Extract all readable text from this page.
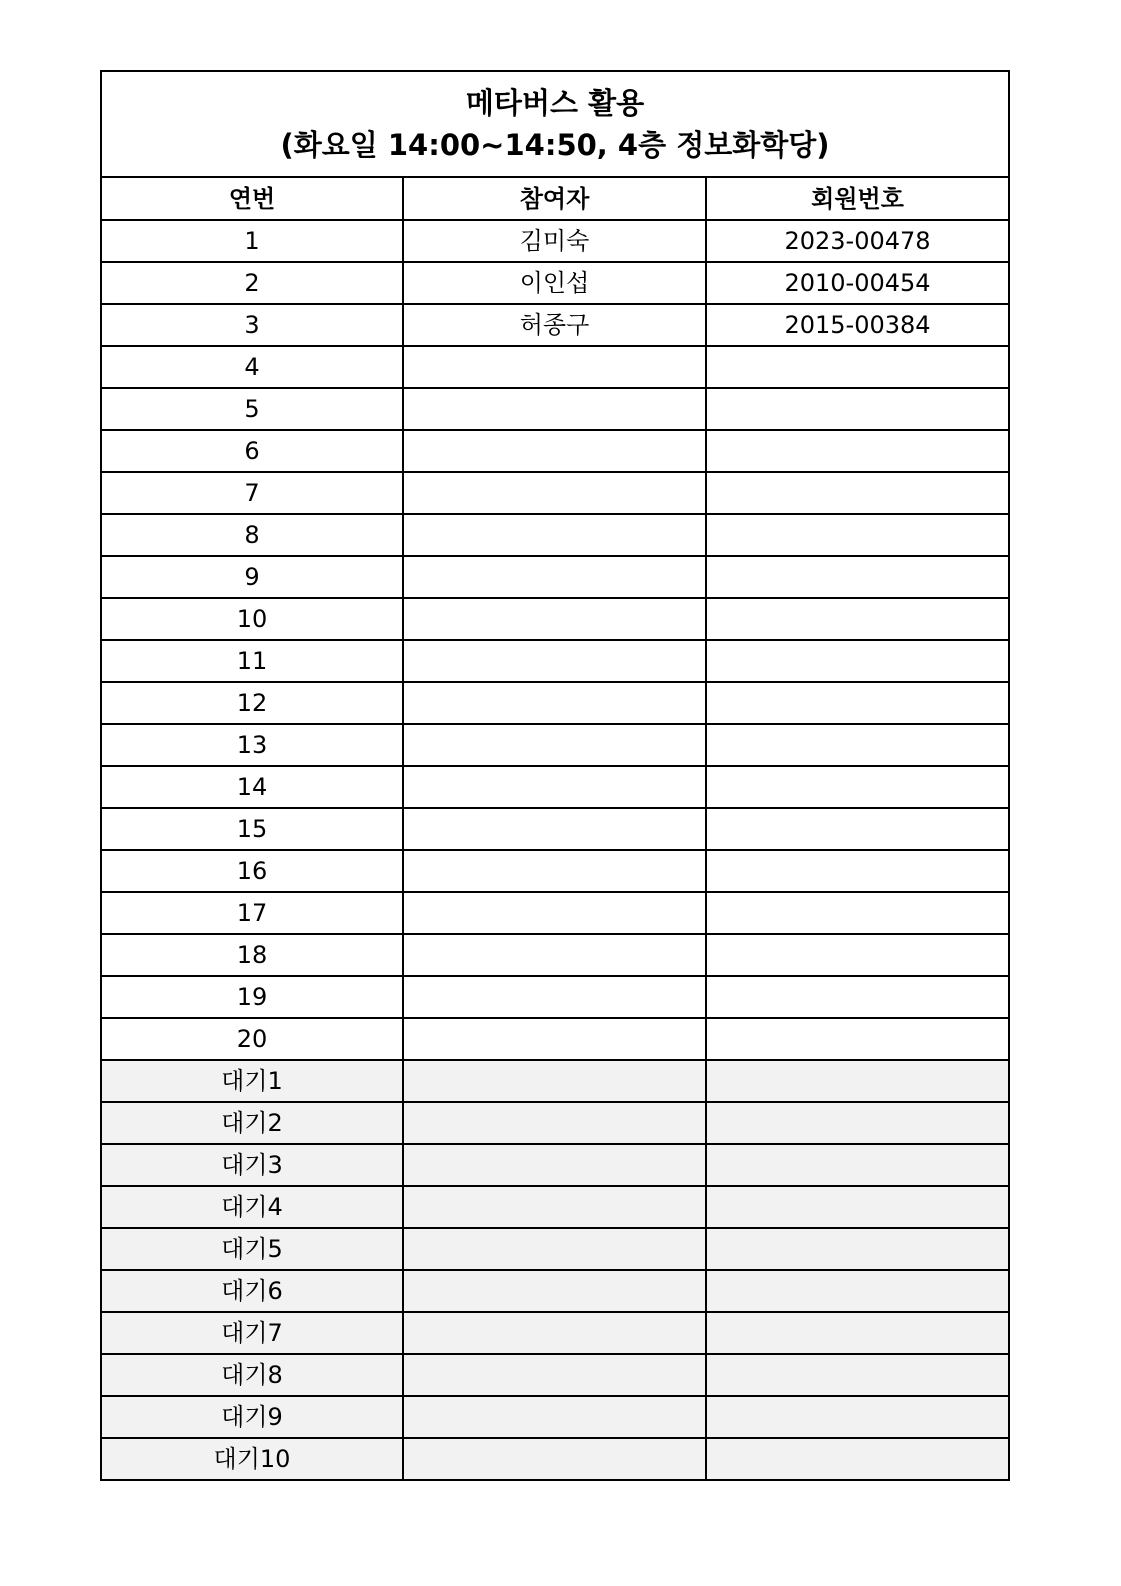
메타버스 활용
(화요일 14:00~14:50, 4층 정보화학당)		

연번	참여자	회원번호
1	김미숙	2023-00478
2	이인섭	2010-00454
3	허종구	2015-00384
4		
5		
6		
7		
8		
9		
10		
11		
12		
13		
14		
15		
16		
17		
18		
19		
20		
대기1		
대기2		
대기3		
대기4		
대기5		
대기6		
대기7		
대기8		
대기9		
대기10		
